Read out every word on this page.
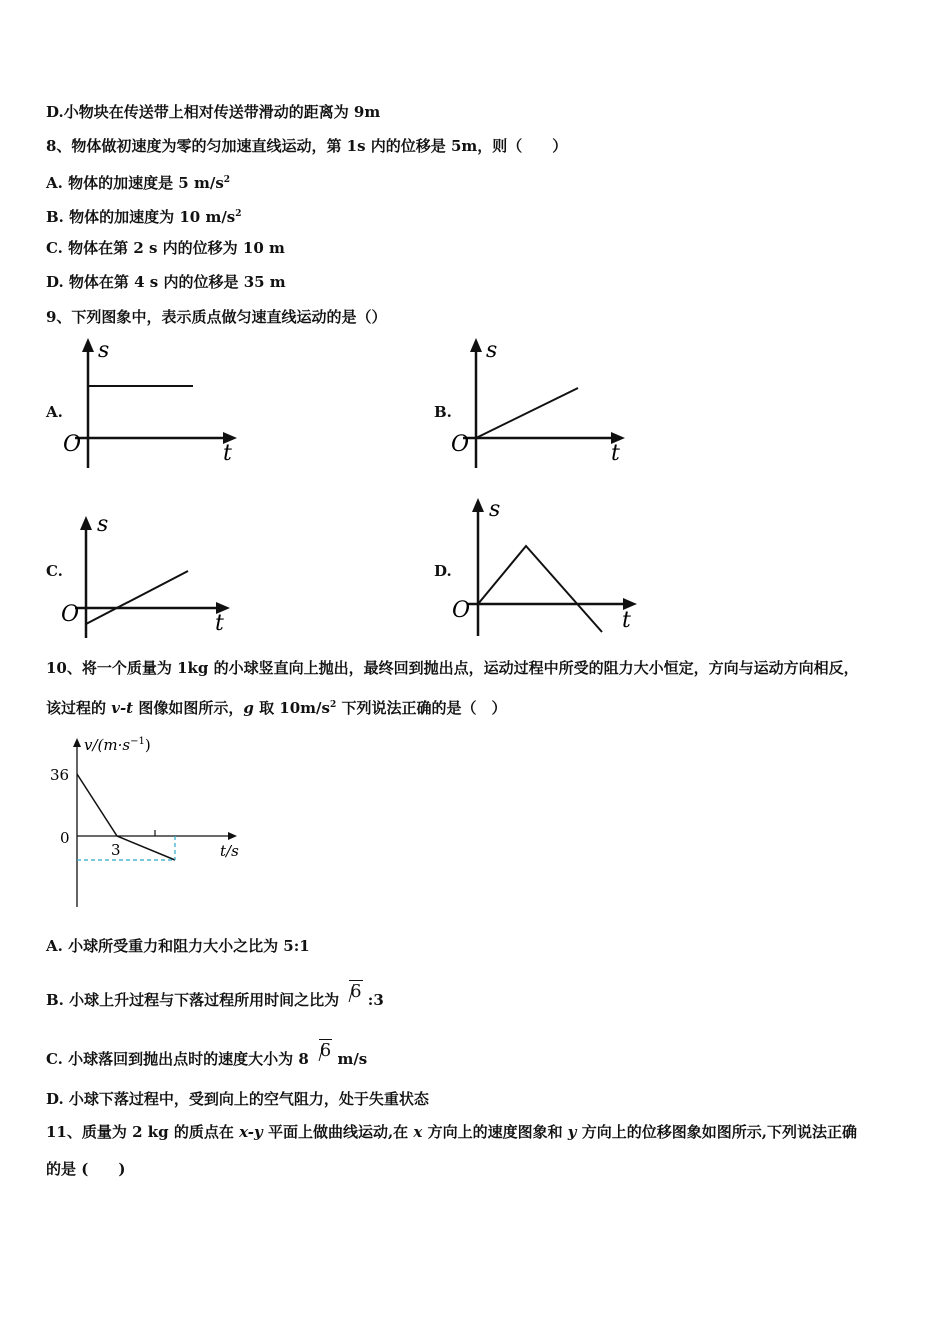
D.小物块在传送带上相对传送带滑动的距离为 9m
8、物体做初速度为零的匀加速直线运动，第 1s 内的位移是 5m，则（　　）
A. 物体的加速度是 5 $m/s^2$
B. 物体的加速度为 10 $m/s^2$
C. 物体在第 2 s 内的位移为 10 m
D. 物体在第 4 s 内的位移是 35 m
9、下列图象中，表示质点做匀速直线运动的是（）
A.
s
t
O
B.
s
t
O
C.
s
t
O
D.
s
t
O
10、将一个质量为 1kg 的小球竖直向上抛出，最终回到抛出点，运动过程中所受的阻力大小恒定，方向与运动方向相反，
该过程的 v-t 图像如图所示，g 取 $10m/s^2$ 下列说法正确的是（　）
$v/(m\cdot s^{-1})$
36
0
3	t/s
A. 小球所受重力和阻力大小之比为 5:1
B. 小球上升过程与下落过程所用时间之比为 6 :3
C. 小球落回到抛出点时的速度大小为 8 6 m/s
D. 小球下落过程中，受到向上的空气阻力，处于失重状态
11、质量为 2 kg 的质点在 x-y 平面上做曲线运动,在 x 方向上的速度图象和 y 方向上的位移图象如图所示,下列说法正确
的是 (　　)
